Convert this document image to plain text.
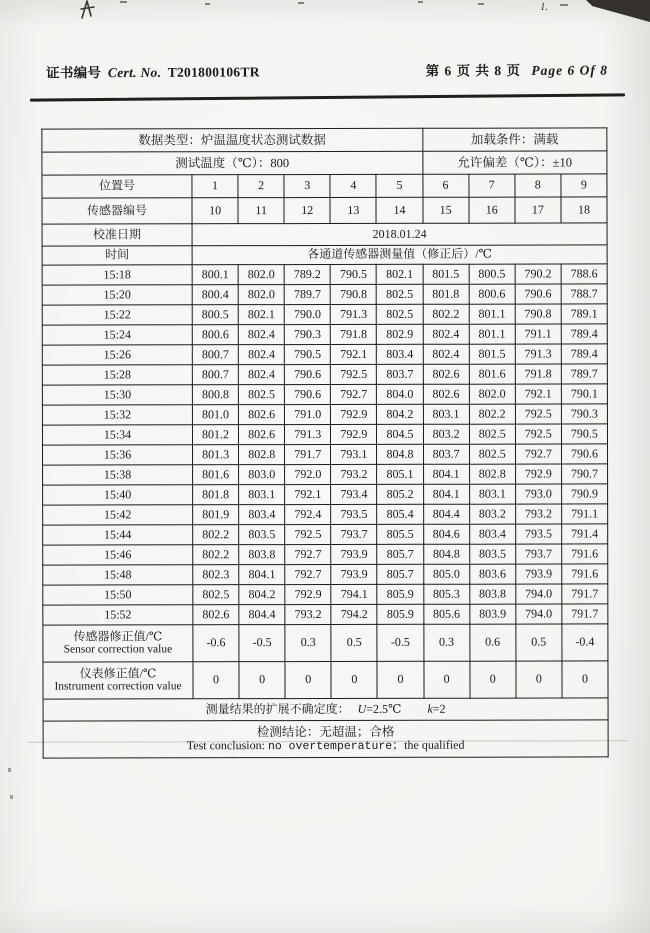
1.
证书编号 Cert. No. T201800106TR	第 6 页 共 8 页 Page 6 Of 8
数据类型：炉温温度状态测试数据						加载条件：满载			
测试温度（℃）：800						允许偏差（℃）：±10			
位置号	1	2	3	4	5	6	7	8	9
传感器编号	10	11	12	13	14	15	16	17	18
校准日期	2018.01.24								
时间	各通道传感器测量值（修正后）/℃								
15:18	800.1	802.0	789.2	790.5	802.1	801.5	800.5	790.2	788.6
15:20	800.4	802.0	789.7	790.8	802.5	801.8	800.6	790.6	788.7
15:22	800.5	802.1	790.0	791.3	802.5	802.2	801.1	790.8	789.1
15:24	800.6	802.4	790.3	791.8	802.9	802.4	801.1	791.1	789.4
15:26	800.7	802.4	790.5	792.1	803.4	802.4	801.5	791.3	789.4
15:28	800.7	802.4	790.6	792.5	803.7	802.6	801.6	791.8	789.7
15:30	800.8	802.5	790.6	792.7	804.0	802.6	802.0	792.1	790.1
15:32	801.0	802.6	791.0	792.9	804.2	803.1	802.2	792.5	790.3
15:34	801.2	802.6	791.3	792.9	804.5	803.2	802.5	792.5	790.5
15:36	801.3	802.8	791.7	793.1	804.8	803.7	802.5	792.7	790.6
15:38	801.6	803.0	792.0	793.2	805.1	804.1	802.8	792.9	790.7
15:40	801.8	803.1	792.1	793.4	805.2	804.1	803.1	793.0	790.9
15:42	801.9	803.4	792.4	793.5	805.4	804.4	803.2	793.2	791.1
15:44	802.2	803.5	792.5	793.7	805.5	804.6	803.4	793.5	791.4
15:46	802.2	803.8	792.7	793.9	805.7	804.8	803.5	793.7	791.6
15:48	802.3	804.1	792.7	793.9	805.7	805.0	803.6	793.9	791.6
15:50	802.5	804.2	792.9	794.1	805.9	805.3	803.8	794.0	791.7
15:52	802.6	804.4	793.2	794.2	805.9	805.6	803.9	794.0	791.7
传感器修正值/℃
Sensor correction value	-0.6	-0.5	0.3	0.5	-0.5	0.3	0.6	0.5	-0.4
仪表修正值/℃
Instrument correction value	0	0	0	0	0	0	0	0	0
测量结果的扩展不确定度： U=2.5℃ k=2									

检测结论：无超温；合格
Test conclusion: no overtemperature；the qualified									
